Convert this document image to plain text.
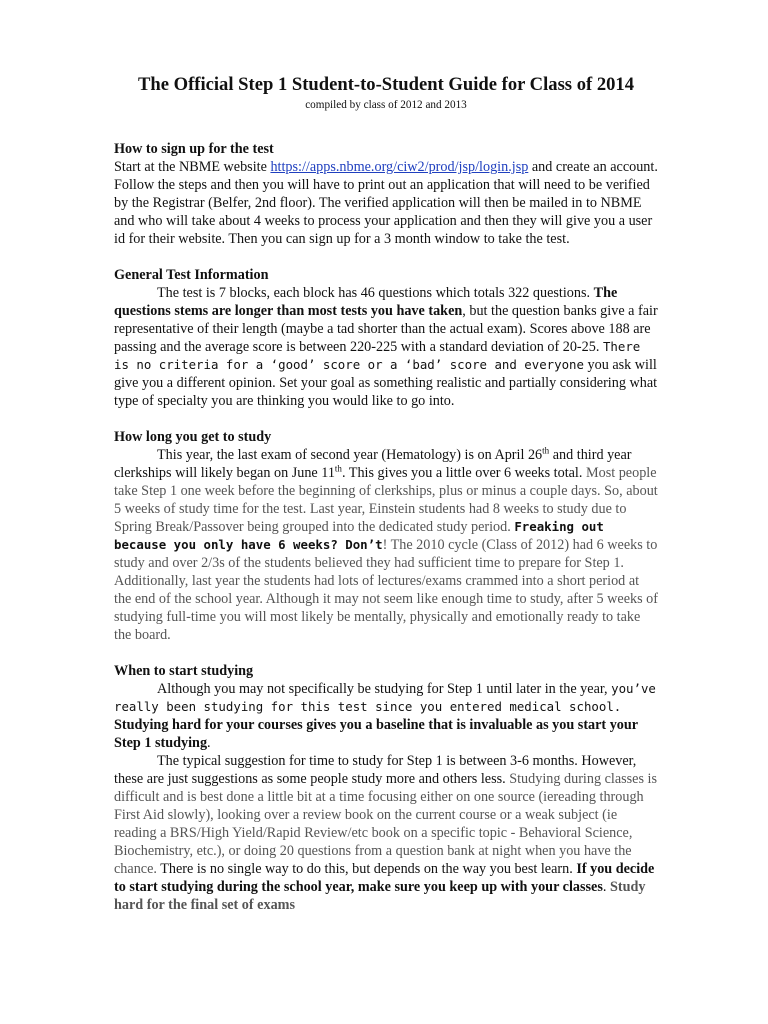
The Official Step 1 Student-to-Student Guide for Class of 2014
compiled by class of 2012 and 2013
How to sign up for the test

Start at the NBME website https://apps.nbme.org/ciw2/prod/jsp/login.jsp and create an account. Follow the steps and then you will have to print out an application that will need to be verified by the Registrar (Belfer, 2nd floor). The verified application will then be mailed in to NBME and who will take about 4 weeks to process your application and then they will give you a user id for their website. Then you can sign up for a 3 month window to take the test.

General Test Information

The test is 7 blocks, each block has 46 questions which totals 322 questions. The questions stems are longer than most tests you have taken, but the question banks give a fair representative of their length (maybe a tad shorter than the actual exam). Scores above 188 are passing and the average score is between 220-225 with a standard deviation of 20-25. There is no criteria for a ‘good’ score or a ‘bad’ score and everyone you ask will give you a different opinion. Set your goal as something realistic and partially considering what type of specialty you are thinking you would like to go into.

How long you get to study

This year, the last exam of second year (Hematology) is on April 26th and third year clerkships will likely began on June 11th. This gives you a little over 6 weeks total. Most people take Step 1 one week before the beginning of clerkships, plus or minus a couple days. So, about 5 weeks of study time for the test. Last year, Einstein students had 8 weeks to study due to Spring Break/Passover being grouped into the dedicated study period. Freaking out because you only have 6 weeks? Don’t! The 2010 cycle (Class of 2012) had 6 weeks to study and over 2/3s of the students believed they had sufficient time to prepare for Step 1. Additionally, last year the students had lots of lectures/exams crammed into a short period at the end of the school year. Although it may not seem like enough time to study, after 5 weeks of studying full-time you will most likely be mentally, physically and emotionally ready to take the board.

When to start studying

Although you may not specifically be studying for Step 1 until later in the year, you’ve really been studying for this test since you entered medical school. Studying hard for your courses gives you a baseline that is invaluable as you start your Step 1 studying.

The typical suggestion for time to study for Step 1 is between 3-6 months. However, these are just suggestions as some people study more and others less. Studying during classes is difficult and is best done a little bit at a time focusing either on one source (iereading through First Aid slowly), looking over a review book on the current course or a weak subject (ie reading a BRS/High Yield/Rapid Review/etc book on a specific topic - Behavioral Science, Biochemistry, etc.), or doing 20 questions from a question bank at night when you have the chance. There is no single way to do this, but depends on the way you best learn. If you decide to start studying during the school year, make sure you keep up with your classes. Study hard for the final set of exams
